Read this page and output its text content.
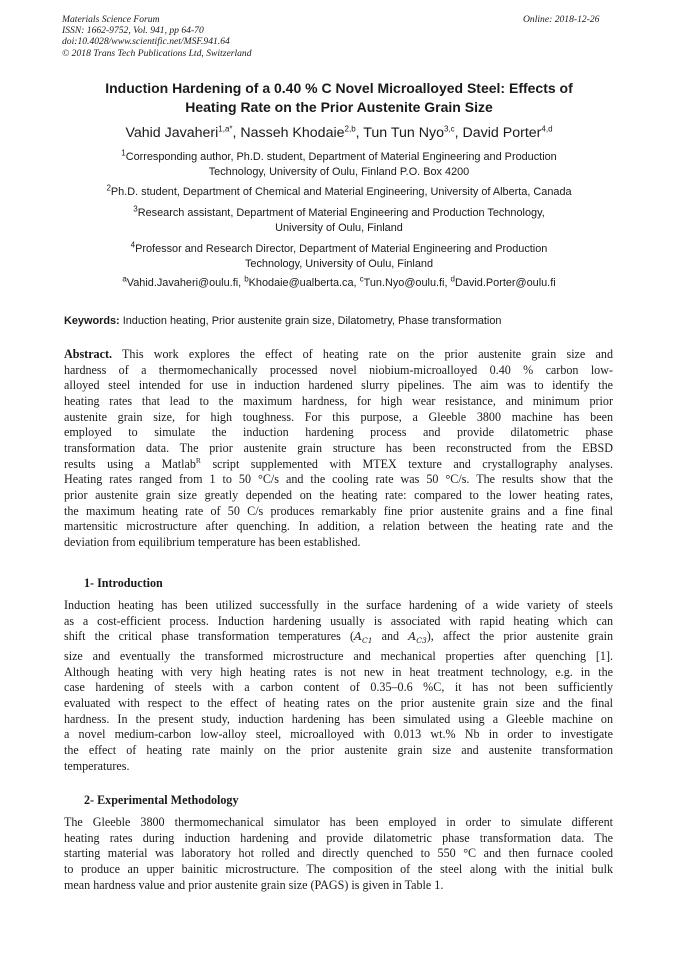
Materials Science Forum
ISSN: 1662-9752, Vol. 941, pp 64-70
doi:10.4028/www.scientific.net/MSF.941.64
© 2018 Trans Tech Publications Ltd, Switzerland
Online: 2018-12-26
Induction Hardening of a 0.40 % C Novel Microalloyed Steel: Effects of
Heating Rate on the Prior Austenite Grain Size
Vahid Javaheri$^{1,a*}$, Nasseh Khodaie$^{2,b}$, Tun Tun Nyo$^{3,c}$, David Porter$^{4,d}$
$^1$Corresponding author, Ph.D. student, Department of Material Engineering and Production
Technology, University of Oulu, Finland P.O. Box 4200
$^2$Ph.D. student, Department of Chemical and Material Engineering, University of Alberta, Canada
$^3$Research assistant, Department of Material Engineering and Production Technology,
University of Oulu, Finland
$^4$Professor and Research Director, Department of Material Engineering and Production
Technology, University of Oulu, Finland
$^a$Vahid.Javaheri@oulu.fi, $^b$Khodaie@ualberta.ca, $^c$Tun.Nyo@oulu.fi, $^d$David.Porter@oulu.fi
Keywords: Induction heating, Prior austenite grain size, Dilatometry, Phase transformation
Abstract. This work explores the effect of heating rate on the prior austenite grain size and
hardness of a thermomechanically processed novel niobium-microalloyed 0.40 % carbon low-
alloyed steel intended for use in induction hardened slurry pipelines. The aim was to identify the
heating rates that lead to the maximum hardness, for high wear resistance, and minimum prior
austenite grain size, for high toughness. For this purpose, a Gleeble 3800 machine has been
employed to simulate the induction hardening process and provide dilatometric phase
transformation data. The prior austenite grain structure has been reconstructed from the EBSD
results using a Matlab$^R$ script supplemented with MTEX texture and crystallography analyses.
Heating rates ranged from 1 to 50 °C/s and the cooling rate was 50 °C/s. The results show that the
prior austenite grain size greatly depended on the heating rate: compared to the lower heating rates,
the maximum heating rate of 50 C/s produces remarkably fine prior austenite grains and a fine final
martensitic microstructure after quenching. In addition, a relation between the heating rate and the
deviation from equilibrium temperature has been established.
1- Introduction
Induction heating has been utilized successfully in the surface hardening of a wide variety of steels
as a cost-efficient process. Induction hardening usually is associated with rapid heating which can
shift the critical phase transformation temperatures ($A_{C1}$ and $A_{C3}$), affect the prior austenite grain
size and eventually the transformed microstructure and mechanical properties after quenching [1].
Although heating with very high heating rates is not new in heat treatment technology, e.g. in the
case hardening of steels with a carbon content of 0.35–0.6 %C, it has not been sufficiently
evaluated with respect to the effect of heating rates on the prior austenite grain size and the final
hardness. In the present study, induction hardening has been simulated using a Gleeble machine on
a novel medium-carbon low-alloy steel, microalloyed with 0.013 wt.% Nb in order to investigate
the effect of heating rate mainly on the prior austenite grain size and austenite transformation
temperatures.
2- Experimental Methodology
The Gleeble 3800 thermomechanical simulator has been employed in order to simulate different
heating rates during induction hardening and provide dilatometric phase transformation data. The
starting material was laboratory hot rolled and directly quenched to 550 °C and then furnace cooled
to produce an upper bainitic microstructure. The composition of the steel along with the initial bulk
mean hardness value and prior austenite grain size (PAGS) is given in Table 1.
